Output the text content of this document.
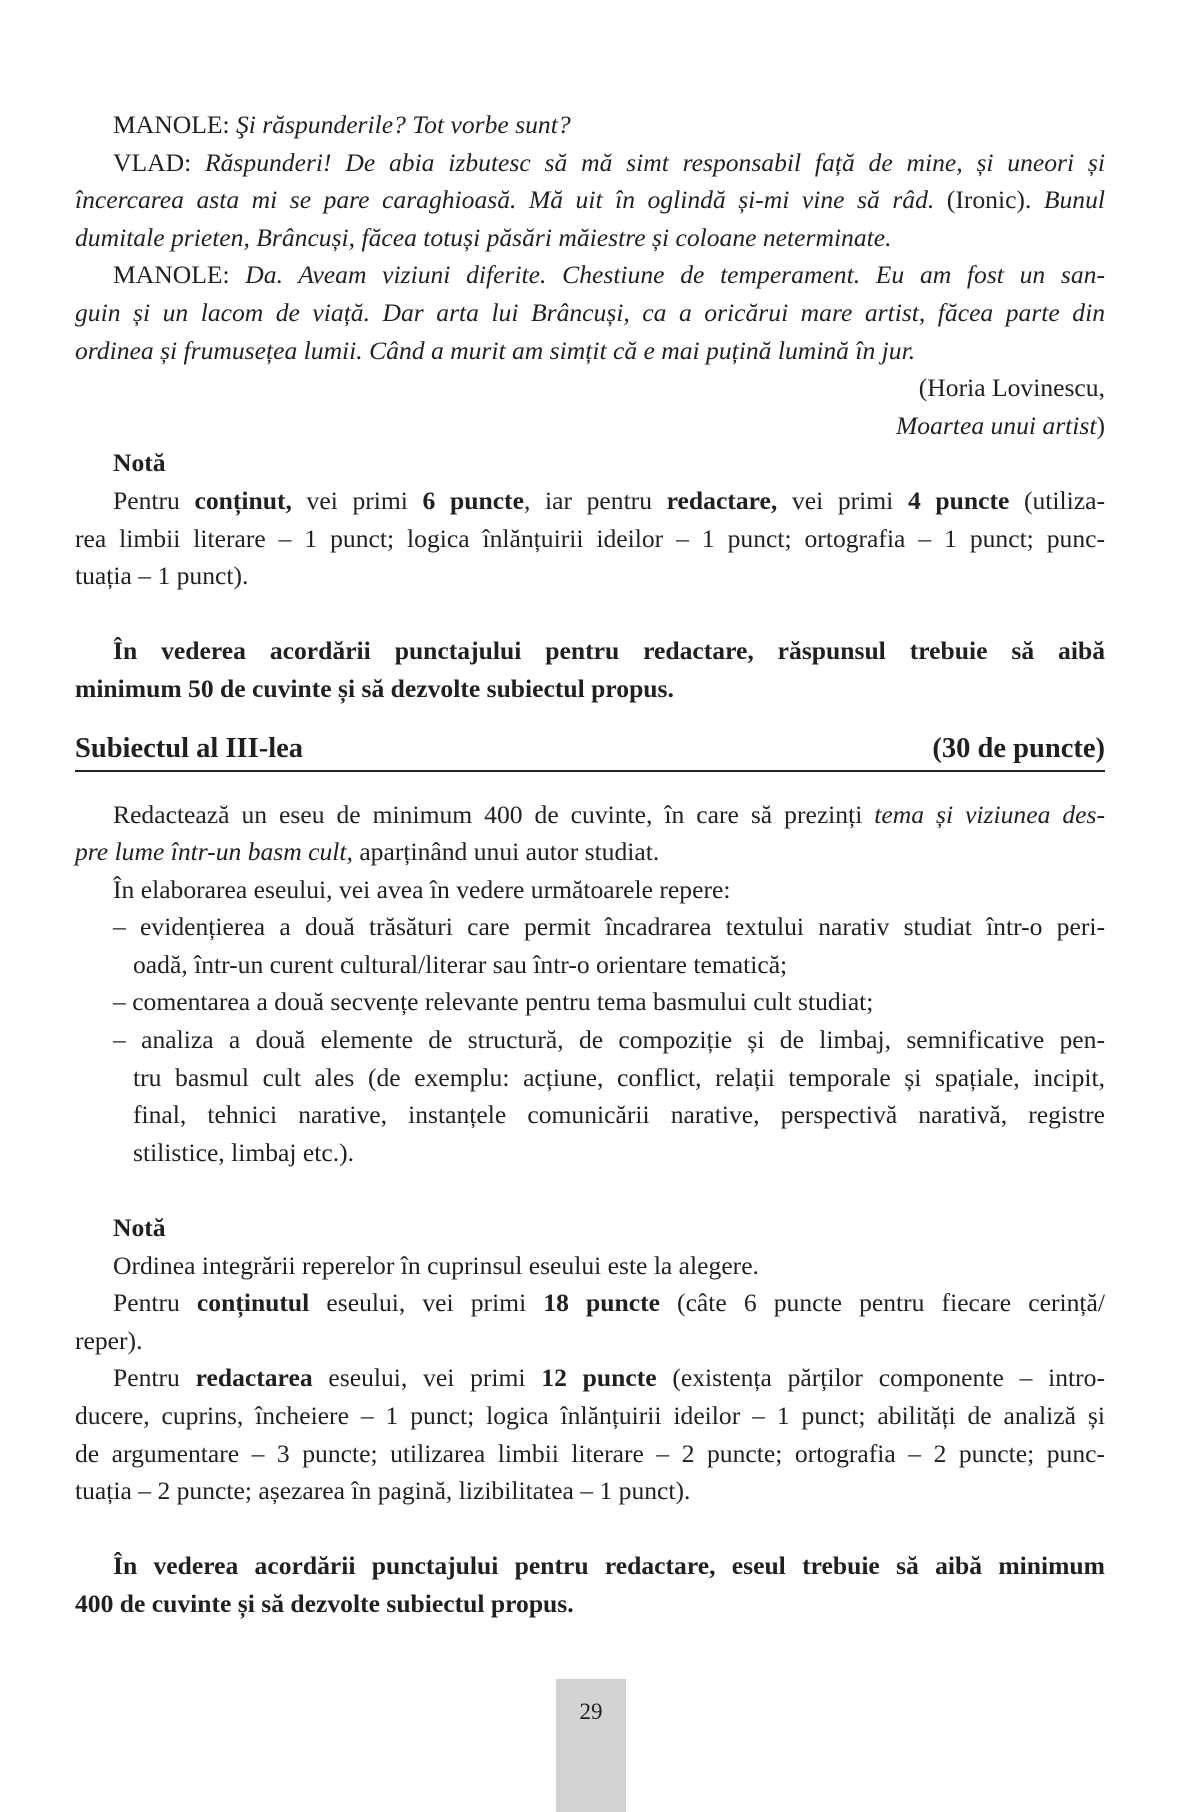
MANOLE: Şi răspunderile? Tot vorbe sunt?

VLAD: Răspunderi! De abia izbutesc să mă simt responsabil față de mine, și uneori și

încercarea asta mi se pare caraghioasă. Mă uit în oglindă și-mi vine să râd. (Ironic). Bunul

dumitale prieten, Brâncuși, făcea totuși păsări măiestre și coloane neterminate.

MANOLE: Da. Aveam viziuni diferite. Chestiune de temperament. Eu am fost un san-

guin și un lacom de viață. Dar arta lui Brâncuși, ca a oricărui mare artist, făcea parte din

ordinea și frumusețea lumii. Când a murit am simțit că e mai puțină lumină în jur.

(Horia Lovinescu,

Moartea unui artist)

Notă

Pentru conținut, vei primi 6 puncte, iar pentru redactare, vei primi 4 puncte (utiliza-

rea limbii literare – 1 punct; logica înlănțuirii ideilor – 1 punct; ortografia – 1 punct; punc-

tuația – 1 punct).

În vederea acordării punctajului pentru redactare, răspunsul trebuie să aibă

minimum 50 de cuvinte și să dezvolte subiectul propus.

Subiectul al III-lea	(30 de puncte)

Redactează un eseu de minimum 400 de cuvinte, în care să prezinți tema și viziunea des-

pre lume într-un basm cult, aparținând unui autor studiat.

În elaborarea eseului, vei avea în vedere următoarele repere:

– evidențierea a două trăsături care permit încadrarea textului narativ studiat într-o peri-

oadă, într-un curent cultural/literar sau într-o orientare tematică;

– comentarea a două secvențe relevante pentru tema basmului cult studiat;

– analiza a două elemente de structură, de compoziție și de limbaj, semnificative pen-

tru basmul cult ales (de exemplu: acțiune, conflict, relații temporale și spațiale, incipit,

final, tehnici narative, instanțele comunicării narative, perspectivă narativă, registre

stilistice, limbaj etc.).

Notă

Ordinea integrării reperelor în cuprinsul eseului este la alegere.

Pentru conținutul eseului, vei primi 18 puncte (câte 6 puncte pentru fiecare cerință/

reper).

Pentru redactarea eseului, vei primi 12 puncte (existența părților componente – intro-

ducere, cuprins, încheiere – 1 punct; logica înlănțuirii ideilor – 1 punct; abilități de analiză și

de argumentare – 3 puncte; utilizarea limbii literare – 2 puncte; ortografia – 2 puncte; punc-

tuația – 2 puncte; așezarea în pagină, lizibilitatea – 1 punct).

În vederea acordării punctajului pentru redactare, eseul trebuie să aibă minimum

400 de cuvinte și să dezvolte subiectul propus.

29
